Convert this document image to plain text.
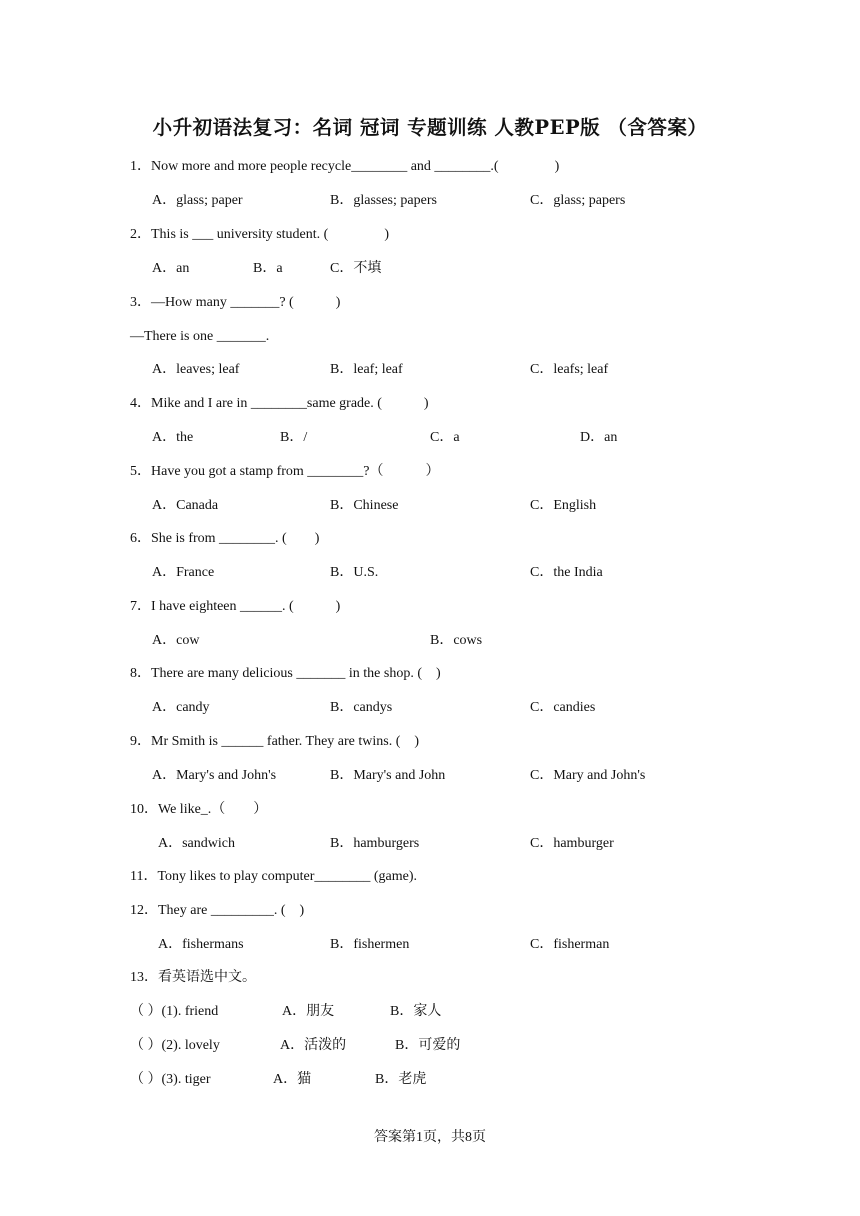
小升初语法复习：名词 冠词 专题训练 人教PEP版 （含答案）
1．Now more and more people recycle________ and ________.(　　　　)
A．glass; paper	B．glasses; papers	C．glass; papers
2．This is ___ university student. (　　　　)
A．an	B．a	C．不填
3．—How many _______? (　　　)
—There is one _______.
A．leaves; leaf	B．leaf; leaf	C．leafs; leaf
4．Mike and I are in ________same grade. (　　　)
A．the	B．/	C．a	D．an
5．Have you got a stamp from ________?（　　　）
A．Canada	B．Chinese	C．English
6．She is from ________. (　　)
A．France	B．U.S.	C．the India
7．I have eighteen ______. (　　　)
A．cow	B．cows
8．There are many delicious _______ in the shop. (　)
A．candy	B．candys	C．candies
9．Mr Smith is ______ father. They are twins. (　)
A．Mary's and John's	B．Mary's and John	C．Mary and John's
10．We like_.（　　）
A．sandwich	B．hamburgers	C．hamburger
11．Tony likes to play computer________ (game).
12．They are _________. (　)
A．fishermans	B．fishermen	C．fisherman
13．看英语选中文。
（ ）(1). friend	A．朋友	B．家人
（ ）(2). lovely	A．活泼的	B．可爱的
（ ）(3). tiger	A．猫	B．老虎
答案第1页，共8页
